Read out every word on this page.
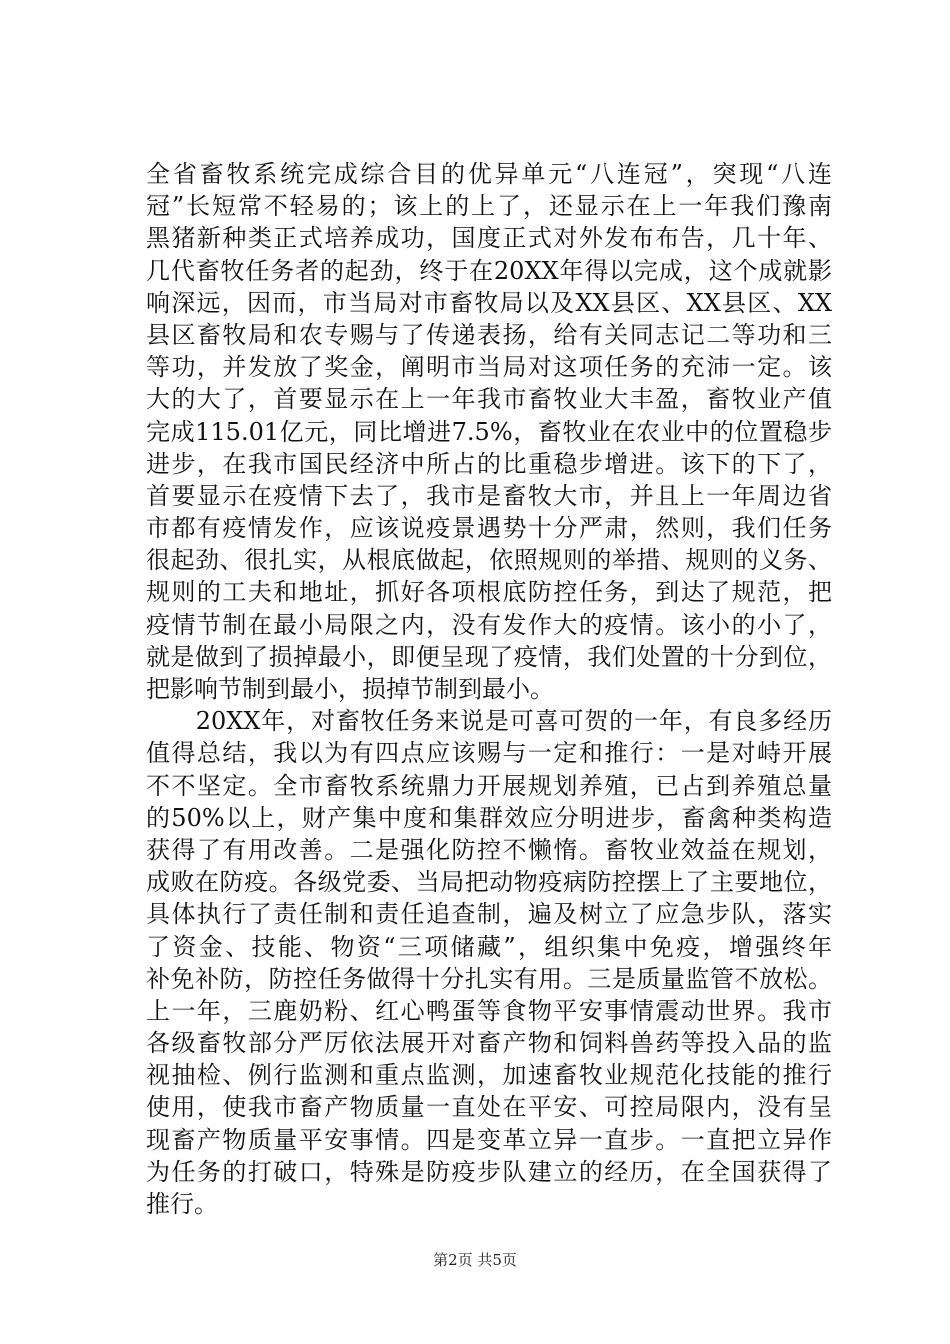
全省畜牧系统完成综合目的优异单元“八连冠”，突现“八连
冠”长短常不轻易的；该上的上了，还显示在上一年我们豫南
黑猪新种类正式培养成功，国度正式对外发布布告，几十年、
几代畜牧任务者的起劲，终于在20XX年得以完成，这个成就影
响深远，因而，市当局对市畜牧局以及XX县区、XX县区、XX
县区畜牧局和农专赐与了传递表扬，给有关同志记二等功和三
等功，并发放了奖金，阐明市当局对这项任务的充沛一定。该
大的大了，首要显示在上一年我市畜牧业大丰盈，畜牧业产值
完成115.01亿元，同比增进7.5%，畜牧业在农业中的位置稳步
进步，在我市国民经济中所占的比重稳步增进。该下的下了，
首要显示在疫情下去了，我市是畜牧大市，并且上一年周边省
市都有疫情发作，应该说疫景遇势十分严肃，然则，我们任务
很起劲、很扎实，从根底做起，依照规则的举措、规则的义务、
规则的工夫和地址，抓好各项根底防控任务，到达了规范，把
疫情节制在最小局限之内，没有发作大的疫情。该小的小了，
就是做到了损掉最小，即便呈现了疫情，我们处置的十分到位，
把影响节制到最小，损掉节制到最小。
　　20XX年，对畜牧任务来说是可喜可贺的一年，有良多经历
值得总结，我以为有四点应该赐与一定和推行：一是对峙开展
不不坚定。全市畜牧系统鼎力开展规划养殖，已占到养殖总量
的50%以上，财产集中度和集群效应分明进步，畜禽种类构造
获得了有用改善。二是强化防控不懒惰。畜牧业效益在规划，
成败在防疫。各级党委、当局把动物疫病防控摆上了主要地位，
具体执行了责任制和责任追查制，遍及树立了应急步队，落实
了资金、技能、物资“三项储藏”，组织集中免疫，增强终年
补免补防，防控任务做得十分扎实有用。三是质量监管不放松。
上一年，三鹿奶粉、红心鸭蛋等食物平安事情震动世界。我市
各级畜牧部分严厉依法展开对畜产物和饲料兽药等投入品的监
视抽检、例行监测和重点监测，加速畜牧业规范化技能的推行
使用，使我市畜产物质量一直处在平安、可控局限内，没有呈
现畜产物质量平安事情。四是变革立异一直步。一直把立异作
为任务的打破口，特殊是防疫步队建立的经历，在全国获得了
推行。
第2页 共5页
